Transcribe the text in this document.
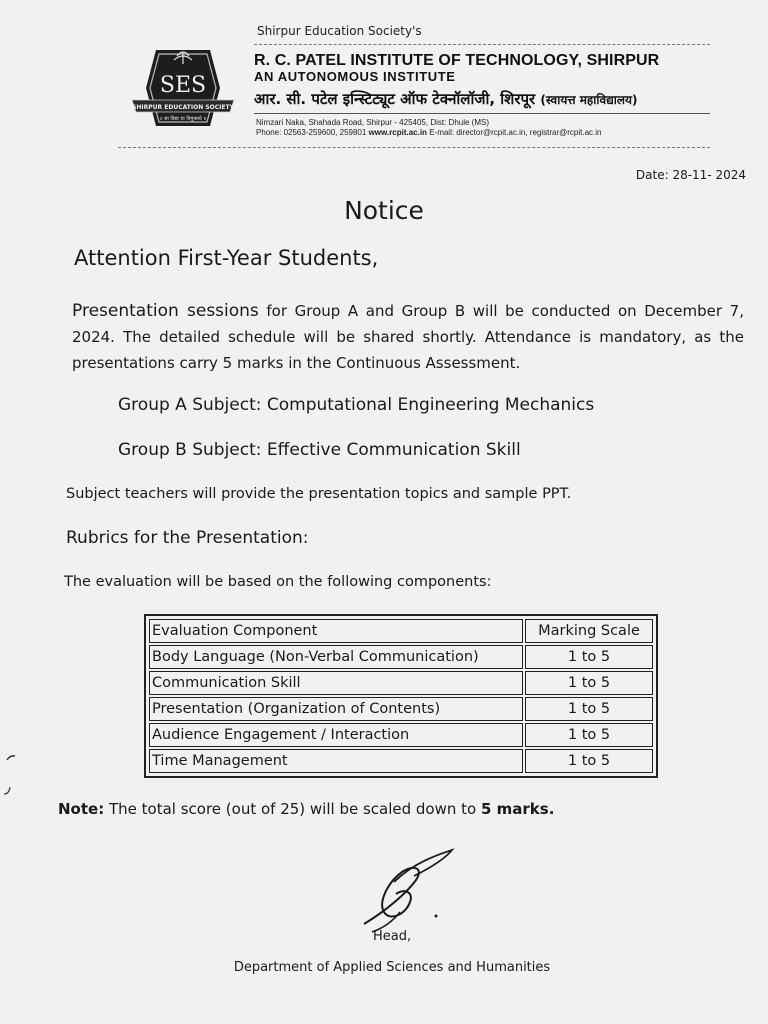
SES
SHIRPUR EDUCATION SOCIETY
॥ सा विद्या या विमुक्तये ॥
Shirpur Education Society's
R. C. PATEL INSTITUTE OF TECHNOLOGY, SHIRPUR
AN AUTONOMOUS INSTITUTE
आर. सी. पटेल इन्स्टिट्यूट ऑफ टेक्नॉलॉजी, शिरपूर (स्वायत्त महाविद्यालय)
Nimzari Naka, Shahada Road, Shirpur - 425405, Dist: Dhule (MS)
Phone: 02563-259600, 259801 www.rcpit.ac.in E-mail: director@rcpit.ac.in, registrar@rcpit.ac.in
Date: 28-11- 2024
Notice
Attention First-Year Students,
Presentation sessions for Group A and Group B will be conducted on December 7, 2024. The detailed schedule will be shared shortly. Attendance is mandatory, as the presentations carry 5 marks in the Continuous Assessment.
Group A Subject: Computational Engineering Mechanics
Group B Subject: Effective Communication Skill
Subject teachers will provide the presentation topics and sample PPT.
Rubrics for the Presentation:
The evaluation will be based on the following components:
Evaluation Component	Marking Scale
Body Language (Non-Verbal Communication)	1 to 5
Communication Skill	1 to 5
Presentation (Organization of Contents)	1 to 5
Audience Engagement / Interaction	1 to 5
Time Management	1 to 5
Note: The total score (out of 25) will be scaled down to 5 marks.
Head,
Department of Applied Sciences and Humanities
